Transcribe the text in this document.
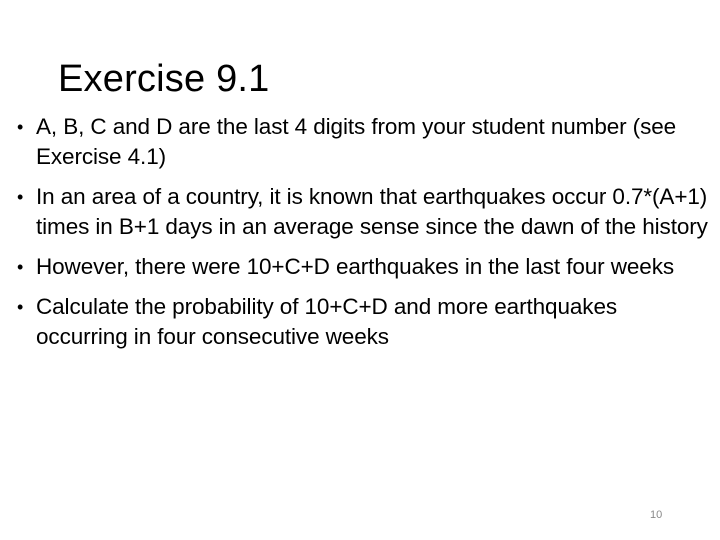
Exercise 9.1
• A, B, C and D are the last 4 digits from your student number (see Exercise 4.1)
• In an area of a country, it is known that earthquakes occur 0.7*(A+1) times in B+1 days in an average sense since the dawn of the history
• However, there were 10+C+D earthquakes in the last four weeks
• Calculate the probability of 10+C+D and more earthquakes occurring in four consecutive weeks
10
